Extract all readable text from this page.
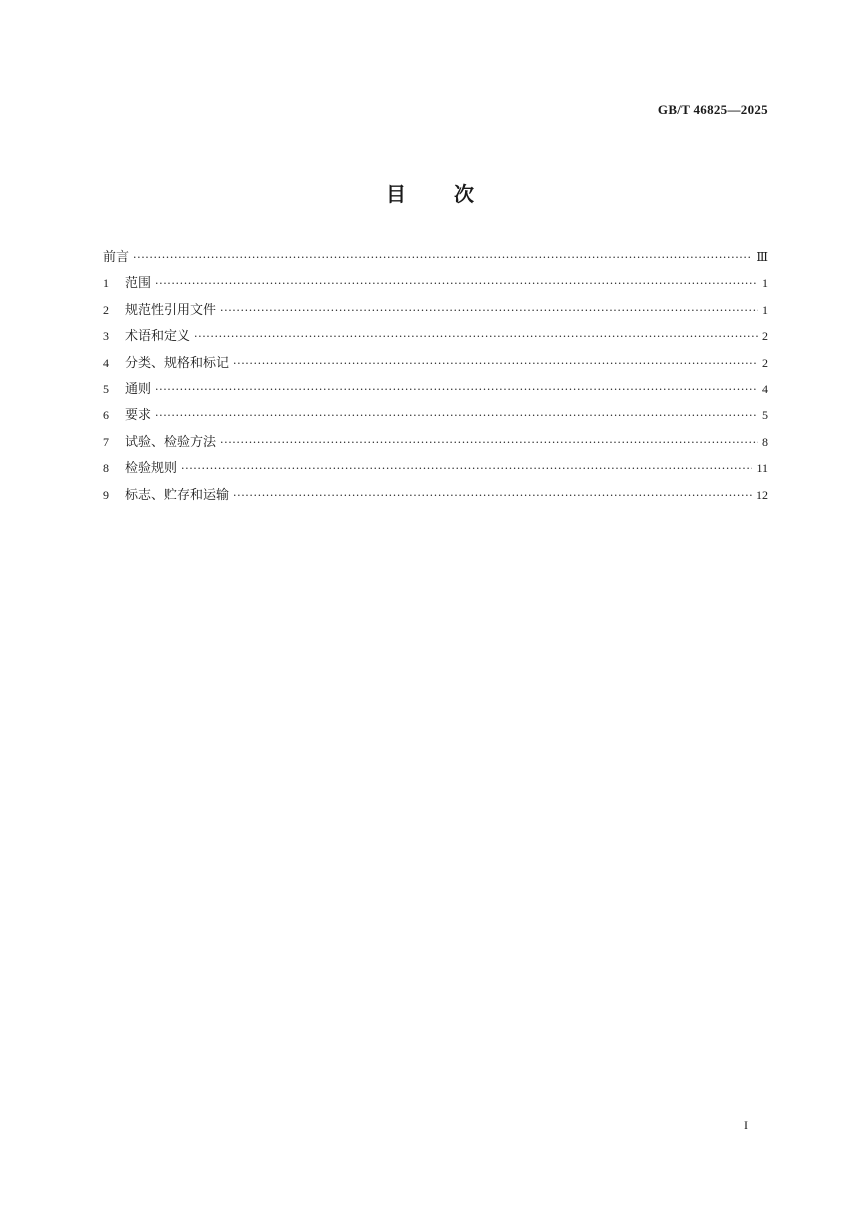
GB/T 46825—2025
目 次
前言 ·····	Ⅲ
1	范围 ·····	1
2	规范性引用文件 ·····	1
3	术语和定义 ·····	2
4	分类、规格和标记 ·····	2
5	通则 ·····	4
6	要求 ·····	5
7	试验、检验方法 ·····	8
8	检验规则 ·····	11
9	标志、贮存和运输 ·····	12
I
